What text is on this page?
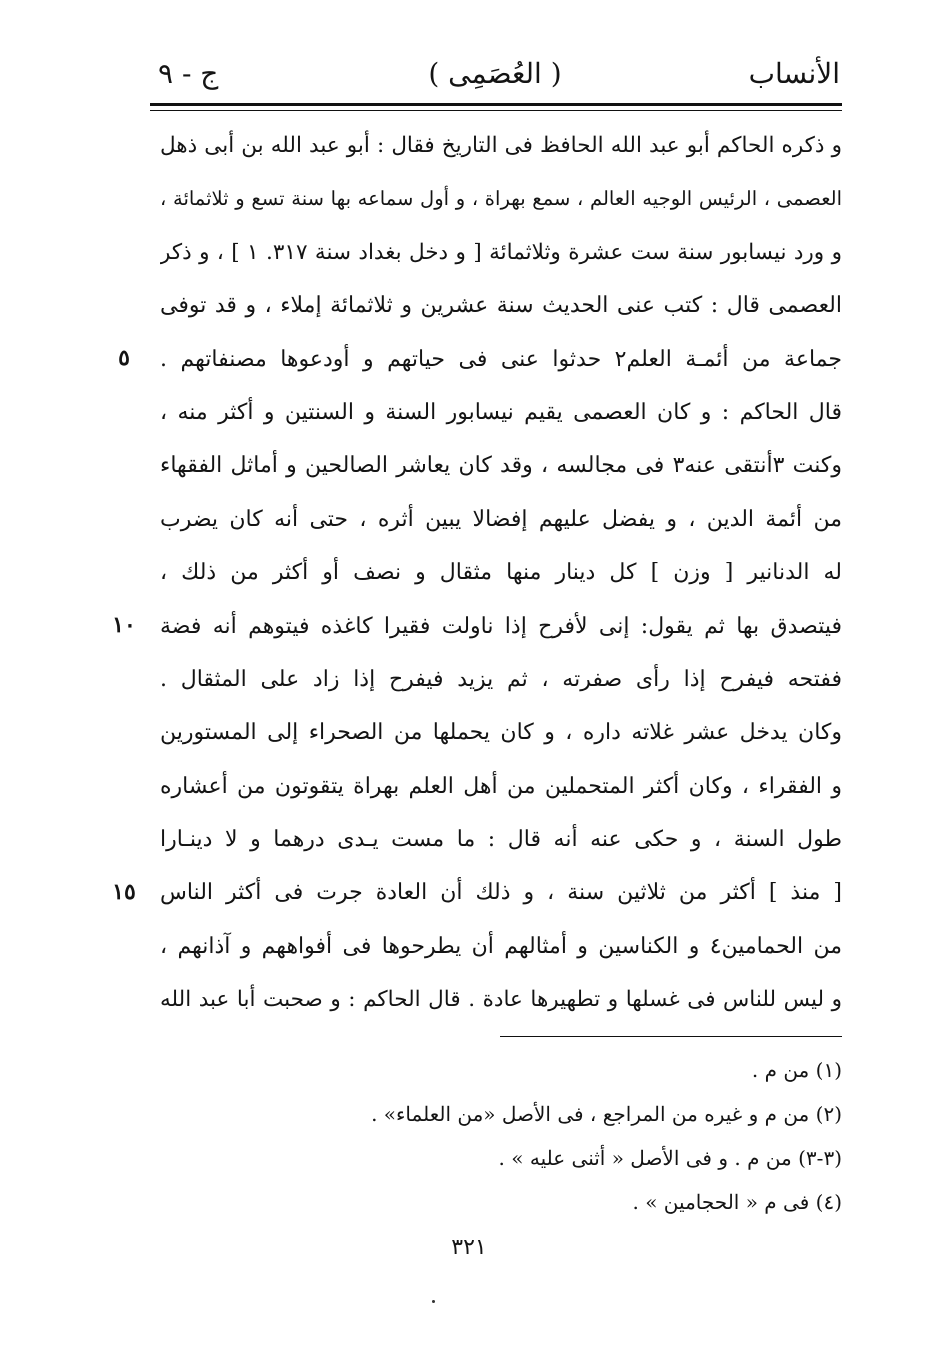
الأنساب
( العُصَمِى )
ج - ٩
و ذكره الحاكم أبو عبد الله الحافظ فى التاريخ فقال : أبو عبد الله بن أبى ذهل
العصمى ، الرئيس الوجيه العالم ، سمع بهراة ، و أول سماعه بها سنة تسع و ثلاثمائة ،
و ورد نيسابور سنة ست عشرة وثلاثمائة [ و دخل بغداد سنة ٣١٧. ١ ] ، و ذكر
العصمى قال : كتب عنى الحديث سنة عشرين و ثلاثمائة إملاء ، و قد توفى
جماعة من أئمـة العلم٢ حدثوا عنى فى حياتهم و أودعوها مصنفاتهم .
قال الحاكم : و كان العصمى يقيم نيسابور السنة و السنتين و أكثر منه ،
وكنت ٣أنتقى عنه٣ فى مجالسه ، وقد كان يعاشر الصالحين و أماثل الفقهاء
من أئمة الدين ، و يفضل عليهم إفضالا يبين أثره ، حتى أنه كان يضرب
له الدنانير [ وزن ] كل دينار منها مثقال و نصف أو أكثر من ذلك ،
فيتصدق بها ثم يقول: إنى لأفرح إذا ناولت فقيرا كاغذه فيتوهم أنه فضة
ففتحه فيفرح إذا رأى صفرته ، ثم يزيد فيفرح إذا زاد على المثقال .
وكان يدخل عشر غلاته داره ، و كان يحملها من الصحراء إلى المستورين
و الفقراء ، وكان أكثر المتحملين من أهل العلم بهراة يتقوتون من أعشاره
طول السنة ، و حكى عنه أنه قال : ما مست يـدى درهما و لا دينـارا
[ منذ ] أكثر من ثلاثين سنة ، و ذلك أن العادة جرت فى أكثر الناس
من الحمامين٤ و الكناسين و أمثالهم أن يطرحوها فى أفواههم و آذانهم ،
و ليس للناس فى غسلها و تطهيرها عادة . قال الحاكم : و صحبت أبا عبد الله
٥
١٠
١٥
(١) من م .
(٢) من م و غيره من المراجع ، فى الأصل «من العلماء» .
(٣-٣) من م . و فى الأصل « أثنى عليه » .
(٤) فى م « الحجامين » .
٣٢١
